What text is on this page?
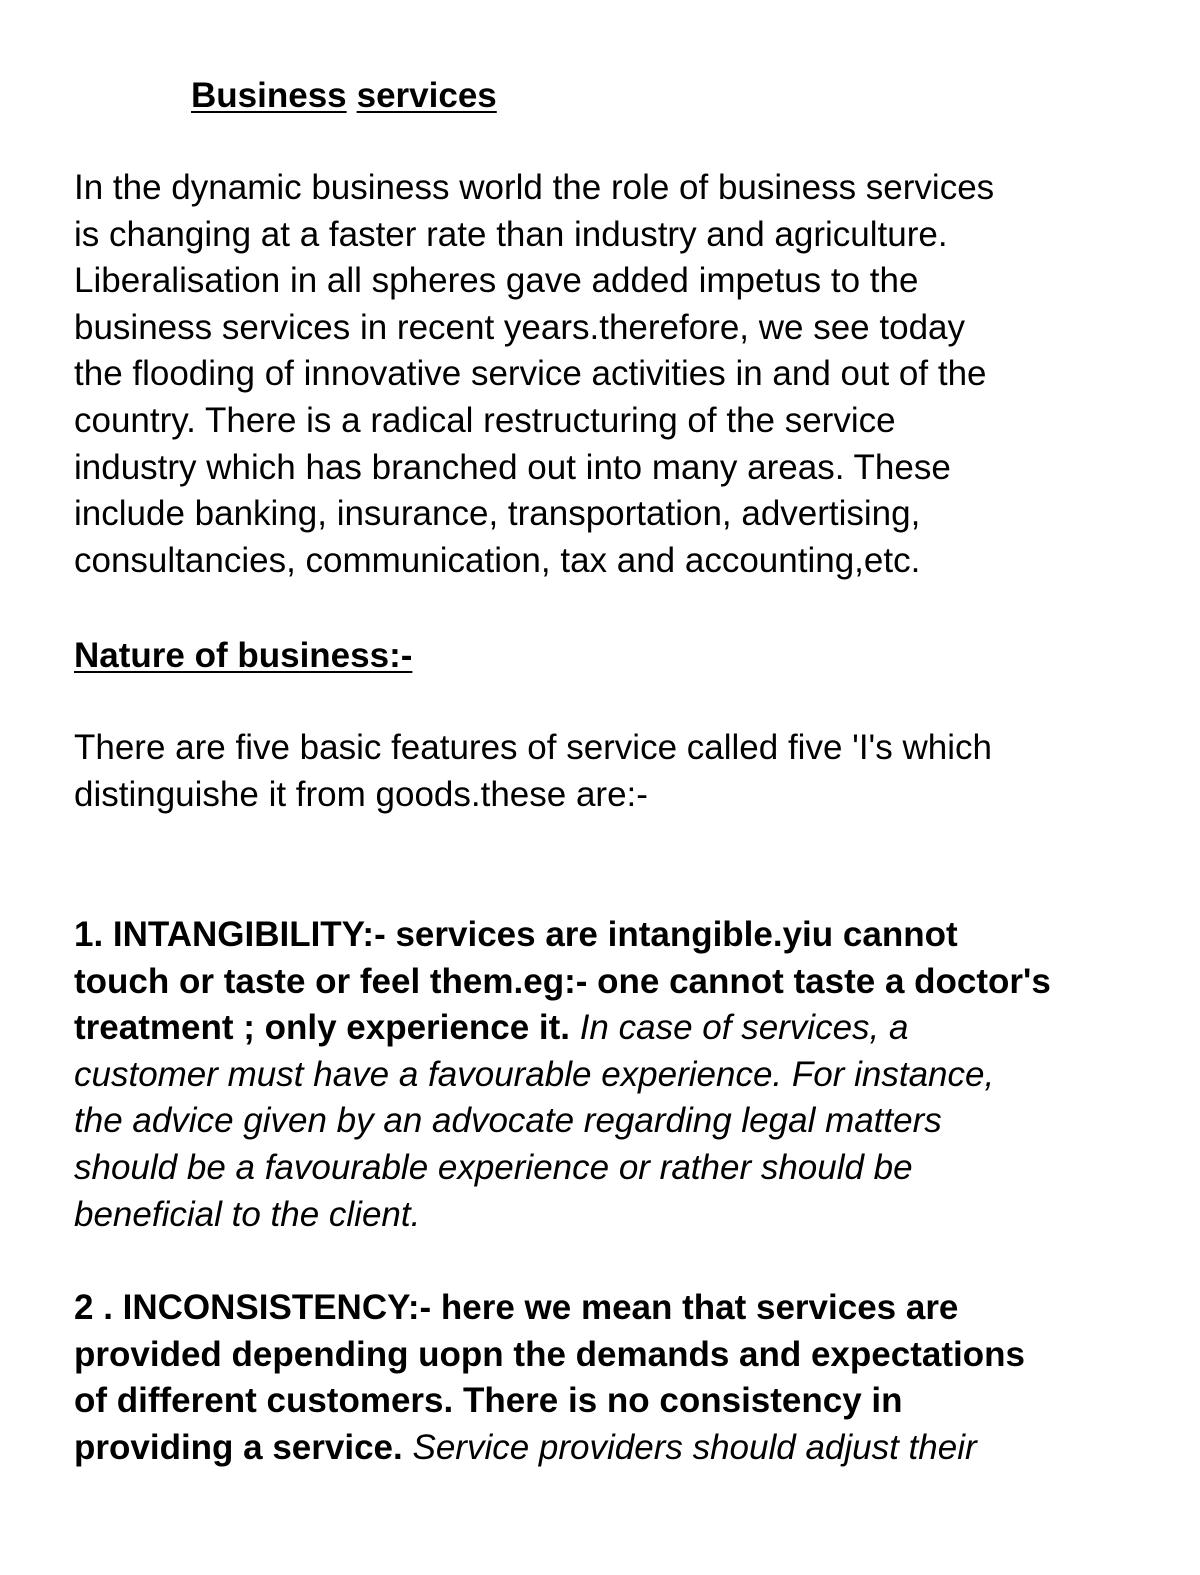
Business services

In the dynamic business world the role of business services
is changing at a faster rate than industry and agriculture.
Liberalisation in all spheres gave added impetus to the
business services in recent years.therefore, we see today
the flooding of innovative service activities in and out of the
country. There is a radical restructuring of the service
industry which has branched out into many areas. These
include banking, insurance, transportation, advertising,
consultancies, communication, tax and accounting,etc.

Nature of business:-

There are five basic features of service called five 'I's which
distinguishe it from goods.these are:-

1. INTANGIBILITY:- services are intangible.yiu cannot
touch or taste or feel them.eg:- one cannot taste a doctor's
treatment ; only experience it. In case of services, a
customer must have a favourable experience. For instance,
the advice given by an advocate regarding legal matters
should be a favourable experience or rather should be
beneficial to the client.

2 . INCONSISTENCY:- here we mean that services are
provided depending uopn the demands and expectations
of different customers. There is no consistency in
providing a service. Service providers should adjust their
